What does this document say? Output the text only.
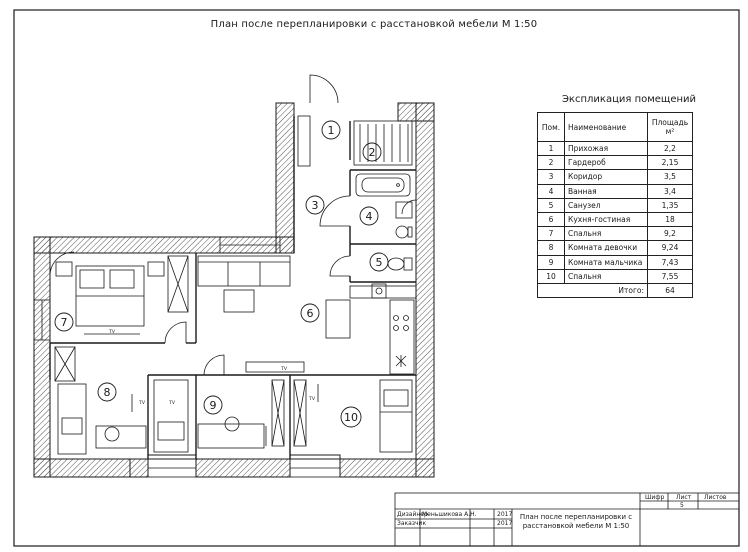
План после перепланировки с расстановкой мебели М 1:50
1
2
3
4
5
6
7
8
9
10
TV
TV
TV	TV
TV
Экспликация помещений
Пом.	Наименование	Площадь
м²
1	Прихожая	2,2
2	Гардероб	2,15
3	Коридор	3,5
4	Ванная	3,4
5	Санузел	1,35
6	Кухня-гостиная	18
7	Спальня	9,2
8	Комната девочки	9,24
9	Комната мальчика	7,43
10	Спальня	7,55
	Итого:	64
Шифр Лист Листов
5
Дизайнер
Меньшикова А.Н.	2017
Заказчик	2017
План после перепланировки с
расстановкой мебели М 1:50
